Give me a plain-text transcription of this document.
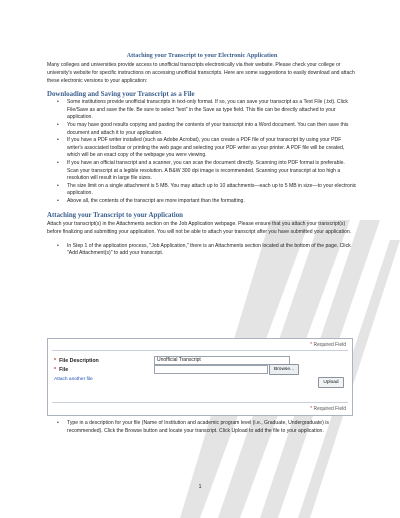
Attaching your Transcript to your Electronic Application

Many colleges and universities provide access to unofficial transcripts electronically via their website. Please check your college or university's website for specific instructions on accessing unofficial transcripts. Here are some suggestions to easily download and attach these electronic versions to your application:

Downloading and Saving your Transcript as a File
• Some institutions provide unofficial transcripts in text-only format. If so, you can save your transcript as a Text File (.txt). Click File/Save as and save the file. Be sure to select "text" in the Save as type field. This file can be directly attached to your application.
• You may have good results copying and pasting the contents of your transcript into a Word document. You can then save this document and attach it to your application.
• If you have a PDF writer installed (such as Adobe Acrobat), you can create a PDF file of your transcript by using your PDF writer's associated toolbar or printing the web page and selecting your PDF writer as your printer. A PDF file will be created, which will be an exact copy of the webpage you were viewing.
• If you have an official transcript and a scanner, you can scan the document directly. Scanning into PDF format is preferable. Scan your transcript at a legible resolution. A B&W 300 dpi image is recommended. Scanning your transcript at too high a resolution will result in large file sizes.
• The size limit on a single attachment is 5 MB. You may attach up to 10 attachments—each up to 5 MB in size—to your electronic application.
• Above all, the contents of the transcript are more important than the formatting.
Attaching your Transcript to your Application

Attach your transcript(s) in the Attachments section on the Job Application webpage. Please ensure that you attach your transcript(s) before finalizing and submitting your application. You will not be able to attach your transcript after you have submitted your application.

• In Step 1 of the application process, "Job Application," there is an Attachments section located at the bottom of the page. Click "Add Attachment(s)" to add your transcript.
* Required Field
* File Description	Unofficial Transcript
* File	Browse...
Attach another file
Upload
* Required Field
• Type in a description for your file (Name of Institution and academic program level (i.e., Graduate, Undergraduate) is recommended). Click the Browse button and locate your transcript. Click Upload to add the file to your application.
1
